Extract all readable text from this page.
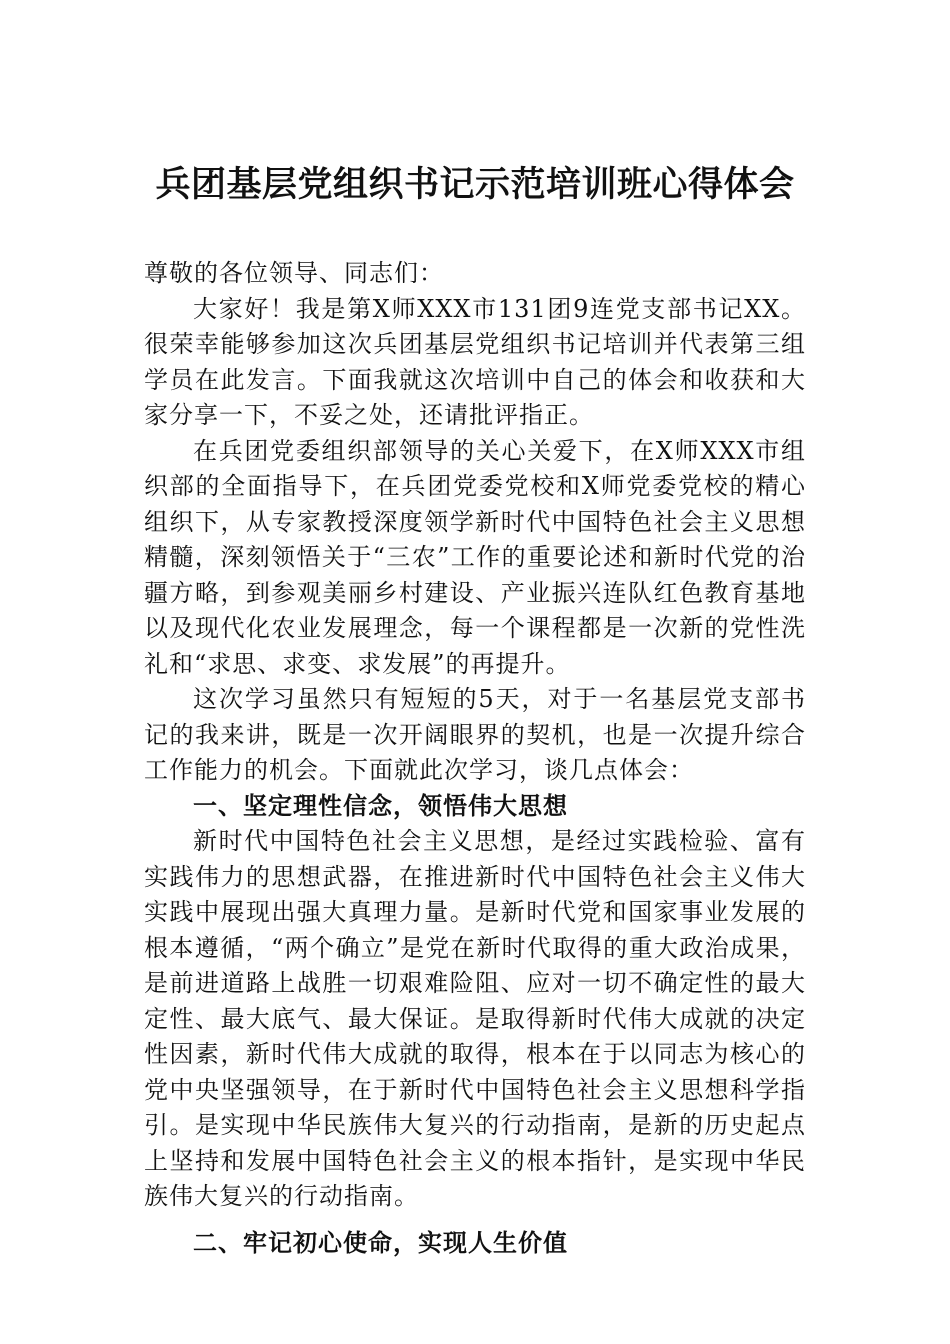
兵团基层党组织书记示范培训班心得体会

尊敬的各位领导、同志们：

大家好！我是第X师XXX市131团9连党支部书记XX。很荣幸能够参加这次兵团基层党组织书记培训并代表第三组学员在此发言。下面我就这次培训中自己的体会和收获和大家分享一下，不妥之处，还请批评指正。

在兵团党委组织部领导的关心关爱下，在X师XXX市组织部的全面指导下，在兵团党委党校和X师党委党校的精心组织下，从专家教授深度领学新时代中国特色社会主义思想精髓，深刻领悟关于“三农”工作的重要论述和新时代党的治疆方略，到参观美丽乡村建设、产业振兴连队红色教育基地以及现代化农业发展理念，每一个课程都是一次新的党性洗礼和“求思、求变、求发展”的再提升。

这次学习虽然只有短短的5天，对于一名基层党支部书记的我来讲，既是一次开阔眼界的契机，也是一次提升综合工作能力的机会。下面就此次学习，谈几点体会：

一、坚定理性信念，领悟伟大思想

新时代中国特色社会主义思想，是经过实践检验、富有实践伟力的思想武器，在推进新时代中国特色社会主义伟大实践中展现出强大真理力量。是新时代党和国家事业发展的根本遵循，“两个确立”是党在新时代取得的重大政治成果，是前进道路上战胜一切艰难险阻、应对一切不确定性的最大定性、最大底气、最大保证。是取得新时代伟大成就的决定性因素，新时代伟大成就的取得，根本在于以同志为核心的党中央坚强领导，在于新时代中国特色社会主义思想科学指引。是实现中华民族伟大复兴的行动指南，是新的历史起点上坚持和发展中国特色社会主义的根本指针，是实现中华民族伟大复兴的行动指南。

二、牢记初心使命，实现人生价值
